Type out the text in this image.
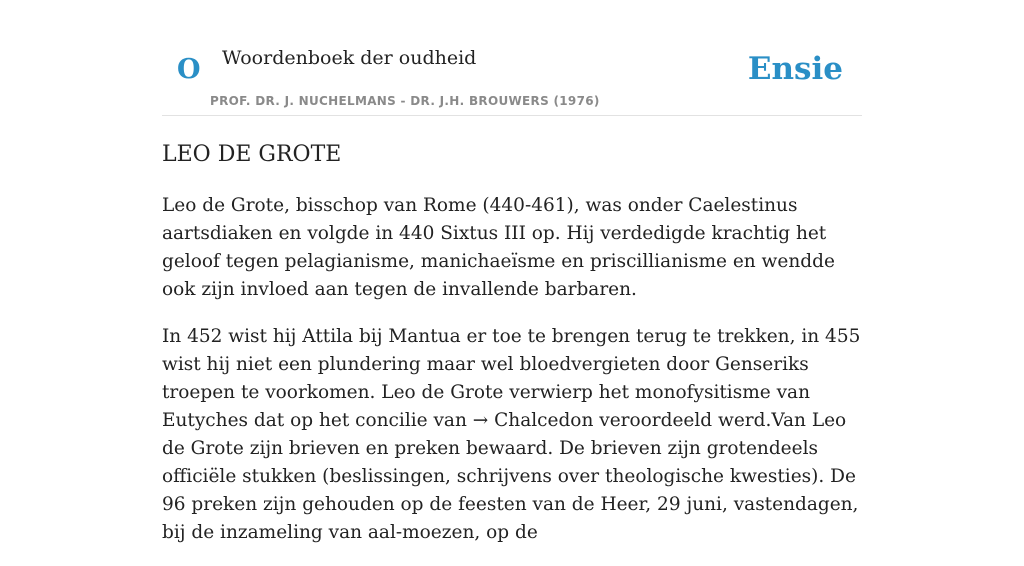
O Woordenboek der oudheid	Ensie
PROF. DR. J. NUCHELMANS - DR. J.H. BROUWERS (1976)
LEO DE GROTE

Leo de Grote, bisschop van Rome (440-461), was onder Caelestinus aartsdiaken en volgde in 440 Sixtus III op. Hij verdedigde krachtig het geloof tegen pelagianisme, manichaeïsme en priscillianisme en wendde ook zijn invloed aan tegen de invallende barbaren.

In 452 wist hij Attila bij Mantua er toe te brengen terug te trekken, in 455 wist hij niet een plundering maar wel bloedvergieten door Genseriks troepen te voorkomen. Leo de Grote verwierp het monofysitisme van Eutyches dat op het concilie van → Chalcedon veroordeeld werd.Van Leo de Grote zijn brieven en preken bewaard. De brieven zijn grotendeels officiële stukken (beslissingen, schrijvens over theologische kwesties). De 96 preken zijn gehouden op de feesten van de Heer, 29 juni, vastendagen, bij de inzameling van aal-moezen, op de
